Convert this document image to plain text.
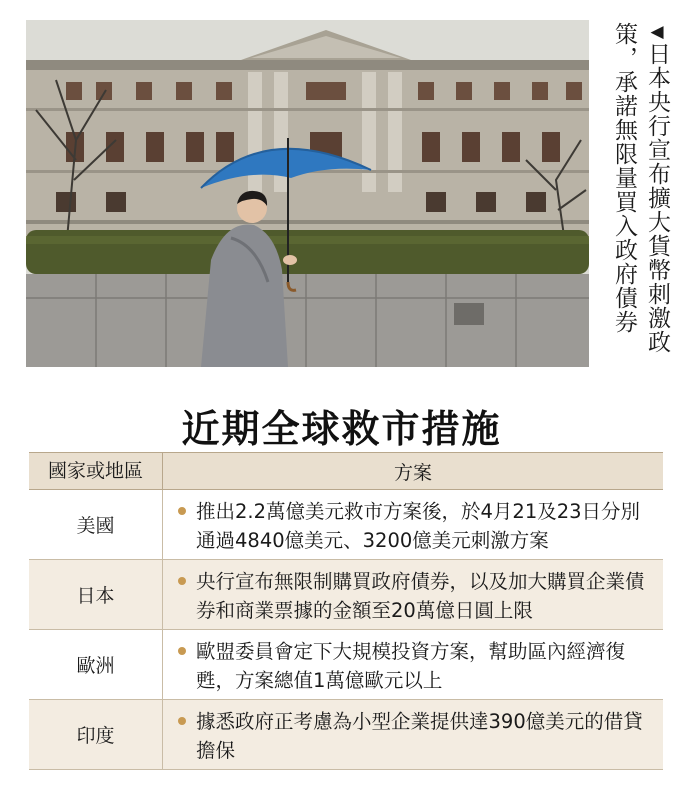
◀日本央行宣布擴大貨幣刺激政策，承諾無限量買入政府債券
近期全球救市措施
國家或地區	方案
美國
推出2.2萬億美元救市方案後，於4月21及23日分別通過4840億美元、3200億美元刺激方案
日本
央行宣布無限制購買政府債券，以及加大購買企業債券和商業票據的金額至20萬億日圓上限
歐洲
歐盟委員會定下大規模投資方案，幫助區內經濟復甦，方案總值1萬億歐元以上
印度
據悉政府正考慮為小型企業提供達390億美元的借貸擔保
